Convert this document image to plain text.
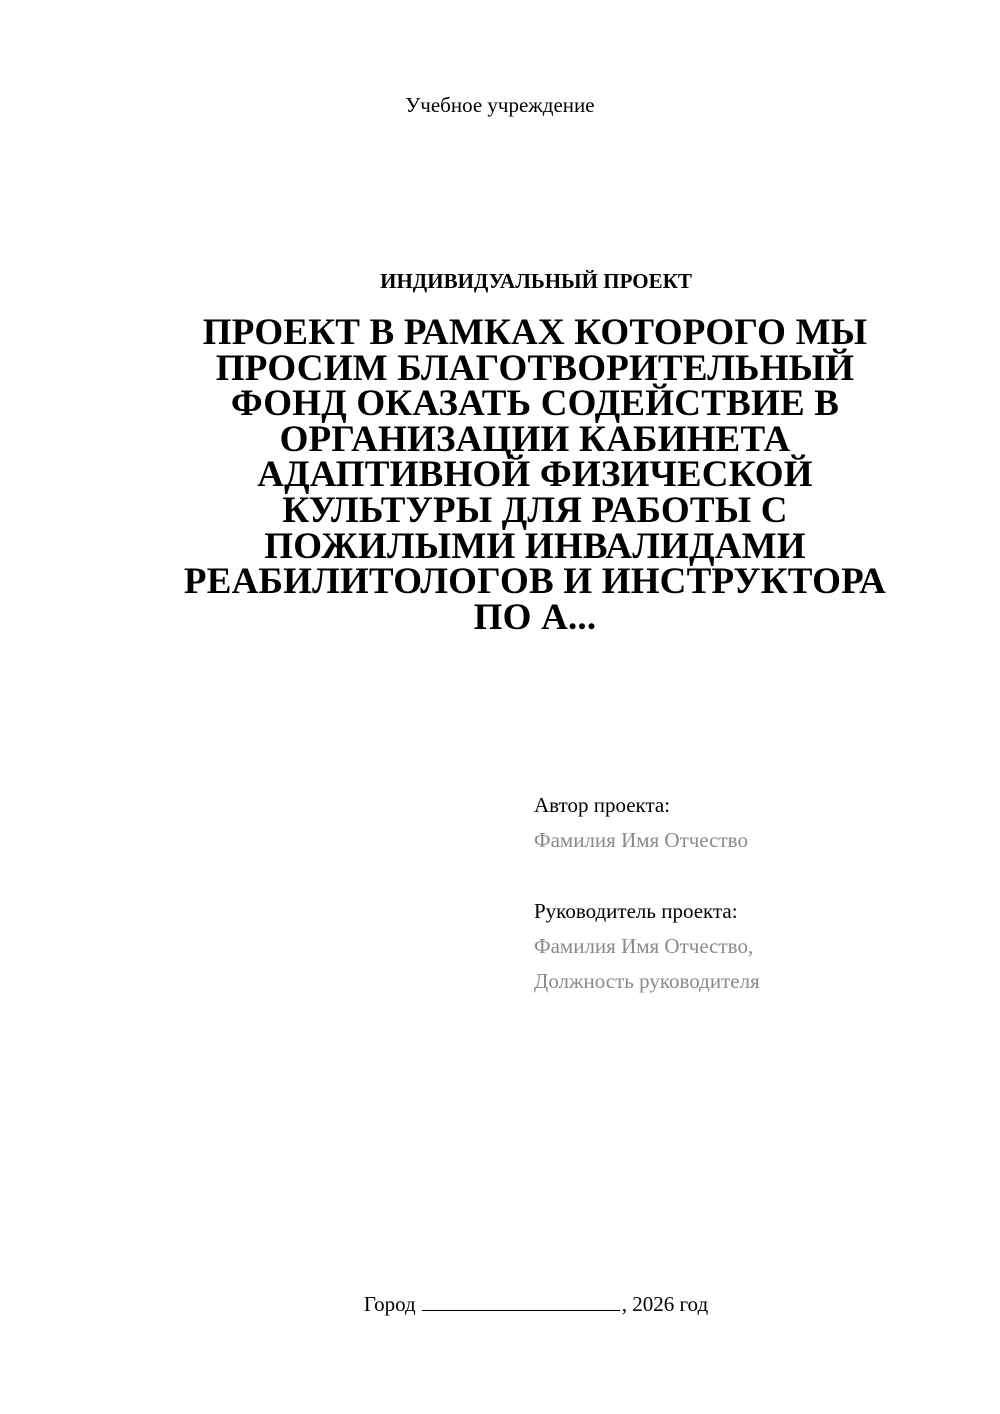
Учебное учреждение
ИНДИВИДУАЛЬНЫЙ ПРОЕКТ
ПРОЕКТ В РАМКАХ КОТОРОГО МЫ
ПРОСИМ БЛАГОТВОРИТЕЛЬНЫЙ
ФОНД ОКАЗАТЬ СОДЕЙСТВИЕ В
ОРГАНИЗАЦИИ КАБИНЕТА
АДАПТИВНОЙ ФИЗИЧЕСКОЙ
КУЛЬТУРЫ ДЛЯ РАБОТЫ С
ПОЖИЛЫМИ ИНВАЛИДАМИ
РЕАБИЛИТОЛОГОВ И ИНСТРУКТОРА
ПО А...
Автор проекта:
Фамилия Имя Отчество
Руководитель проекта:
Фамилия Имя Отчество,
Должность руководителя
Город	, 2026 год
